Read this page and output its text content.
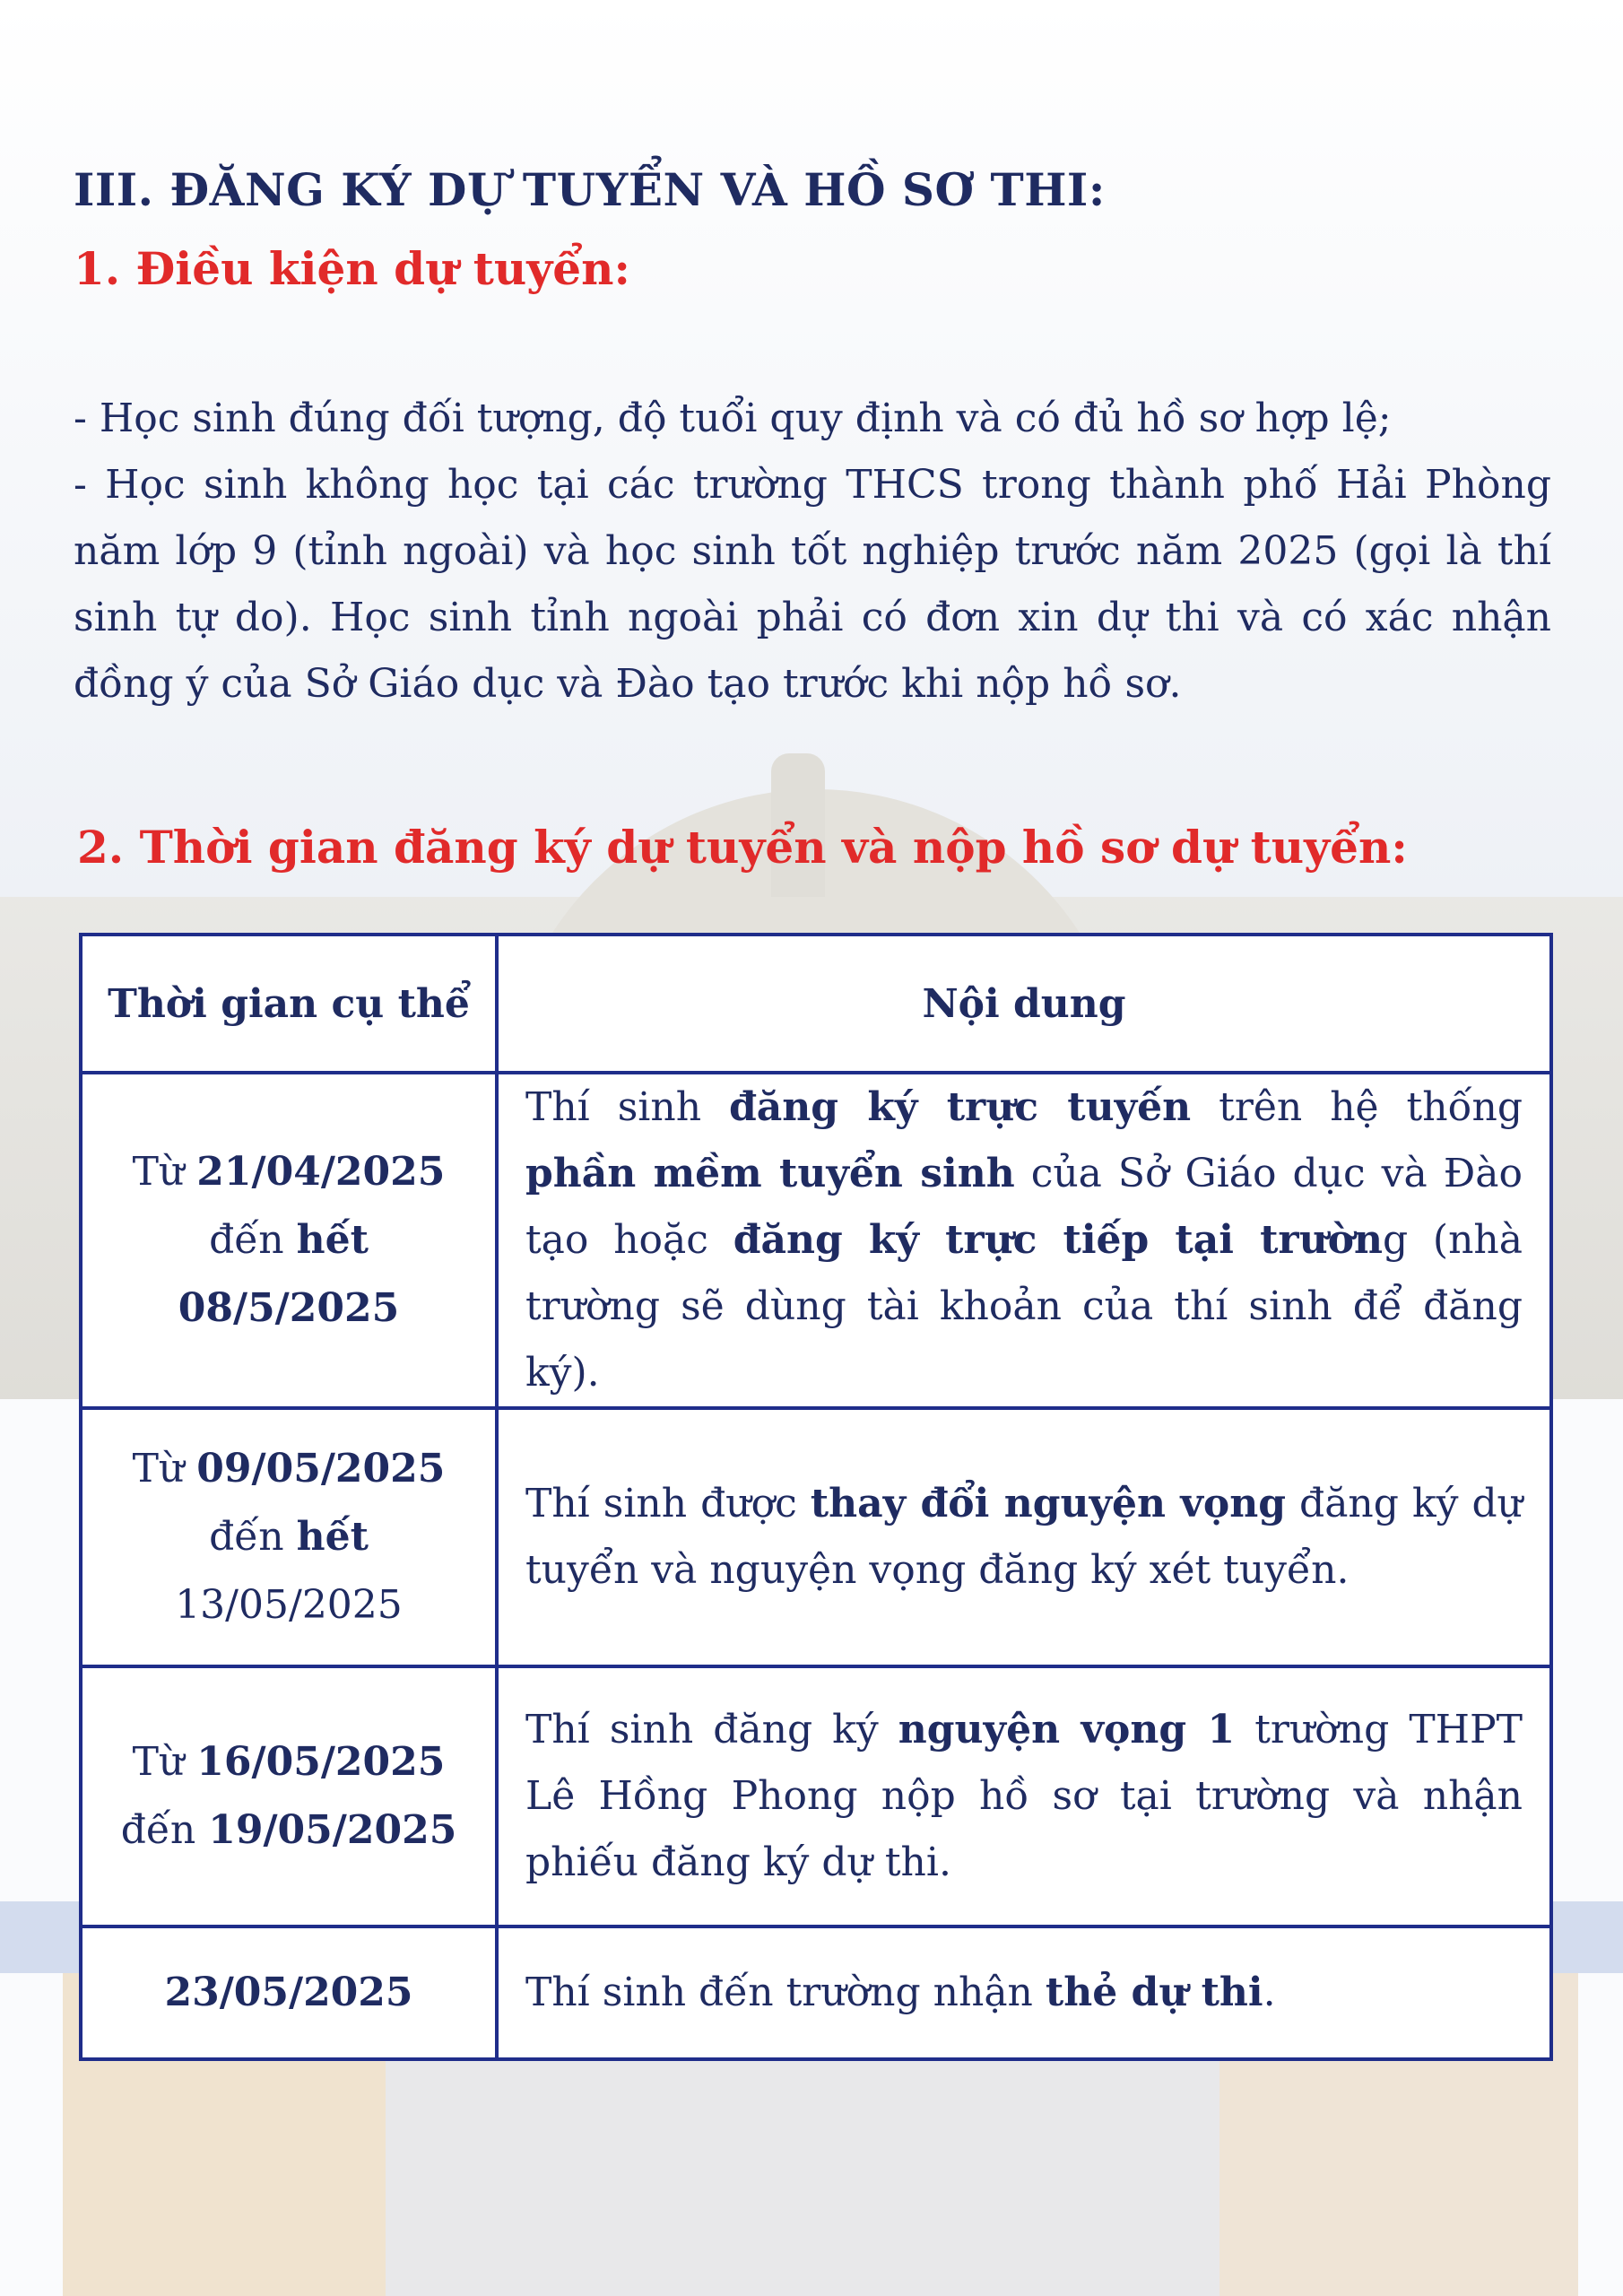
III. ĐĂNG KÝ DỰ TUYỂN VÀ HỒ SƠ THI:
1. Điều kiện dự tuyển:
- Học sinh đúng đối tượng, độ tuổi quy định và có đủ hồ sơ hợp lệ;
- Học sinh không học tại các trường THCS trong thành phố Hải Phòng năm lớp 9 (tỉnh ngoài) và học sinh tốt nghiệp trước năm 2025 (gọi là thí sinh tự do). Học sinh tỉnh ngoài phải có đơn xin dự thi và có xác nhận đồng ý của Sở Giáo dục và Đào tạo trước khi nộp hồ sơ.
2. Thời gian đăng ký dự tuyển và nộp hồ sơ dự tuyển:
Thời gian cụ thể	Nội dung
Từ 21/04/2025
đến hết
08/5/2025	Thí sinh đăng ký trực tuyến trên hệ thống phần mềm tuyển sinh của Sở Giáo dục và Đào tạo hoặc đăng ký trực tiếp tại trường (nhà trường sẽ dùng tài khoản của thí sinh để đăng ký).
Từ 09/05/2025
đến hết
13/05/2025	Thí sinh được thay đổi nguyện vọng đăng ký dự tuyển và nguyện vọng đăng ký xét tuyển.
Từ 16/05/2025
đến 19/05/2025	Thí sinh đăng ký nguyện vọng 1 trường THPT Lê Hồng Phong nộp hồ sơ tại trường và nhận phiếu đăng ký dự thi.
23/05/2025	Thí sinh đến trường nhận thẻ dự thi.
